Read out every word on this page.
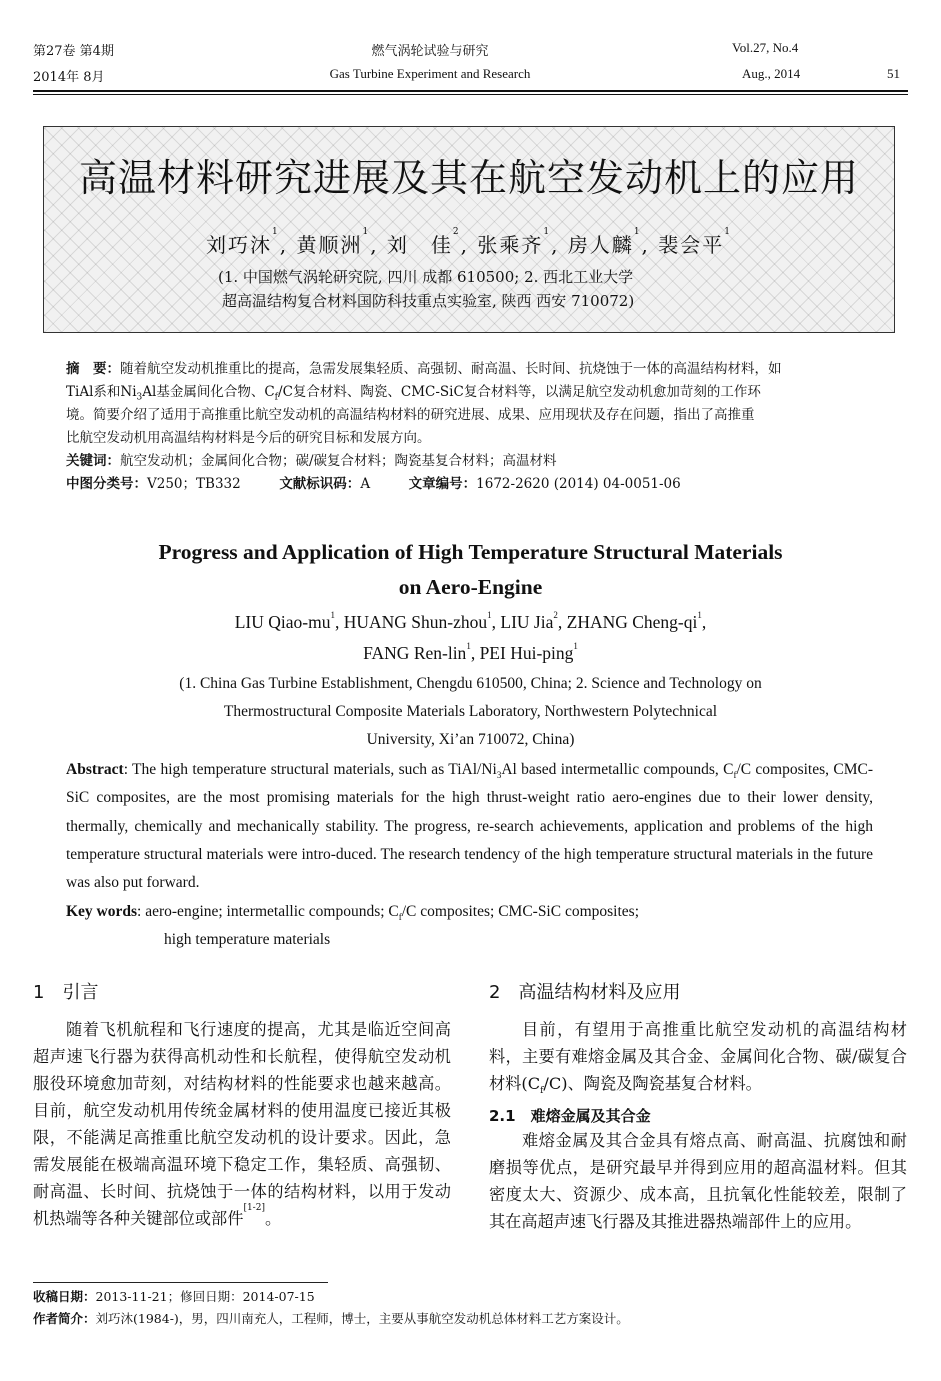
第27卷 第4期
2014年 8月
燃气涡轮试验与研究
Gas Turbine Experiment and Research
Vol.27, No.4
Aug., 2014	51
高温材料研究进展及其在航空发动机上的应用
刘巧沐$^1$, 黄顺洲$^1$, 刘　佳$^2$, 张乘齐$^1$, 房人麟$^1$, 裴会平$^1$
(1. 中国燃气涡轮研究院, 四川 成都 610500; 2. 西北工业大学
超高温结构复合材料国防科技重点实验室, 陕西 西安 710072)
摘　要：随着航空发动机推重比的提高，急需发展集轻质、高强韧、耐高温、长时间、抗烧蚀于一体的高温结构材料，如
TiAl系和$Ni_3Al$基金属间化合物、$C_f/C$复合材料、陶瓷、CMC-SiC复合材料等，以满足航空发动机愈加苛刻的工作环
境。简要介绍了适用于高推重比航空发动机的高温结构材料的研究进展、成果、应用现状及存在问题，指出了高推重
比航空发动机用高温结构材料是今后的研究目标和发展方向。
关键词：航空发动机；金属间化合物；碳/碳复合材料；陶瓷基复合材料；高温材料
中图分类号：V250；TB332	文献标识码：A	文章编号：1672-2620 (2014) 04-0051-06
Progress and Application of High Temperature Structural Materials
on Aero-Engine
LIU Qiao-$mu^1$, HUANG Shun-zhou$^1$, LIU Jia$^2$, ZHANG Cheng-$qi^1$,
FANG Ren-lin$^1$, PEI Hui-ping$^1$
(1. China Gas Turbine Establishment, Chengdu 610500, China; 2. Science and Technology on
Thermostructural Composite Materials Laboratory, Northwestern Polytechnical
University, Xi’an 710072, China)
Abstract: The high temperature structural materials, such as TiAl/$Ni_3Al$ based intermetallic compounds, $C_f/C$ composites, CMC-SiC composites, are the most promising materials for the high thrust-weight ratio aero-engines due to their lower density, thermally, chemically and mechanically stability. The progress, re-search achievements, application and problems of the high temperature structural materials were intro-duced. The research tendency of the high temperature structural materials in the future was also put forward.
Key words: aero-engine; intermetallic compounds; $C_f/C$ composites; CMC-SiC composites;
high temperature materials
1　引言
随着飞机航程和飞行速度的提高，尤其是临近空间高超声速飞行器为获得高机动性和长航程，使得航空发动机服役环境愈加苛刻，对结构材料的性能要求也越来越高。目前，航空发动机用传统金属材料的使用温度已接近其极限，不能满足高推重比航空发动机的设计要求。因此，急需发展能在极端高温环境下稳定工作，集轻质、高强韧、耐高温、长时间、抗烧蚀于一体的结构材料，以用于发动机热端等各种关键部位或部件[1-2]。
2　高温结构材料及应用
目前，有望用于高推重比航空发动机的高温结构材料，主要有难熔金属及其合金、金属间化合物、碳/碳复合材料$(C_f/C)$、陶瓷及陶瓷基复合材料。
2.1　难熔金属及其合金
难熔金属及其合金具有熔点高、耐高温、抗腐蚀和耐磨损等优点，是研究最早并得到应用的超高温材料。但其密度太大、资源少、成本高，且抗氧化性能较差，限制了其在高超声速飞行器及其推进器热端部件上的应用。
收稿日期：2013-11-21；修回日期：2014-07-15
作者简介：刘巧沐(1984-)，男，四川南充人，工程师，博士，主要从事航空发动机总体材料工艺方案设计。
